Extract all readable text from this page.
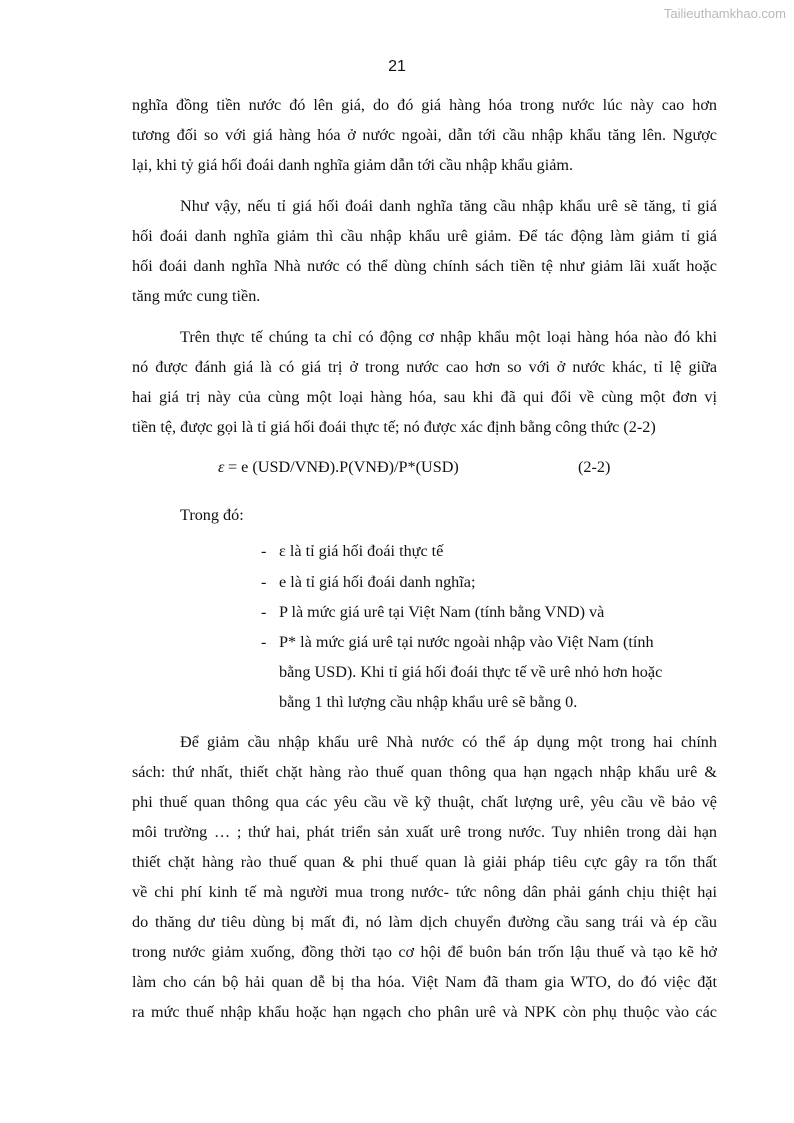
Tailieuthamkhao.com
21
nghĩa đồng tiền nước đó lên giá, do đó giá hàng hóa trong nước lúc này cao hơn
tương đối so với giá hàng hóa ở nước ngoài, dẫn tới cầu nhập khẩu tăng lên. Ngược
lại, khi tỷ giá hối đoái danh nghĩa giảm dẫn tới cầu nhập khẩu giảm.
Như vậy, nếu tỉ giá hối đoái danh nghĩa tăng cầu nhập khẩu urê sẽ tăng, tỉ giá
hối đoái danh nghĩa giảm thì cầu nhập khẩu urê giảm. Để tác động làm giảm tỉ giá
hối đoái danh nghĩa Nhà nước có thể dùng chính sách tiền tệ như giảm lãi xuất hoặc
tăng mức cung tiền.
Trên thực tế chúng ta chỉ có động cơ nhập khẩu một loại hàng hóa nào đó khi
nó được đánh giá là có giá trị ở trong nước cao hơn so với ở nước khác, tỉ lệ giữa
hai giá trị này của cùng một loại hàng hóa, sau khi đã qui đổi về cùng một đơn vị
tiền tệ, được gọi là tỉ giá hối đoái thực tế; nó được xác định bằng công thức (2-2)
ε = e (USD/VNĐ).P(VNĐ)/P*(USD)	(2-2)
Trong đó:
- ε là tỉ giá hối đoái thực tế
- e là tỉ giá hối đoái danh nghĩa;
- P là mức giá urê tại Việt Nam (tính bằng VND) và
- P* là mức giá urê tại nước ngoài nhập vào Việt Nam (tính
bằng USD). Khi tỉ giá hối đoái thực tế về urê nhỏ hơn hoặc
bằng 1 thì lượng cầu nhập khẩu urê sẽ bằng 0.
Để giảm cầu nhập khẩu urê Nhà nước có thể áp dụng một trong hai chính
sách: thứ nhất, thiết chặt hàng rào thuế quan thông qua hạn ngạch nhập khẩu urê &
phi thuế quan thông qua các yêu cầu về kỹ thuật, chất lượng urê, yêu cầu về bảo vệ
môi trường … ; thứ hai, phát triển sản xuất urê trong nước. Tuy nhiên trong dài hạn
thiết chặt hàng rào thuế quan & phi thuế quan là giải pháp tiêu cực gây ra tổn thất
về chi phí kinh tế mà người mua trong nước- tức nông dân phải gánh chịu thiệt hại
do thăng dư tiêu dùng bị mất đi, nó làm dịch chuyển đường cầu sang trái và ép cầu
trong nước giảm xuống, đồng thời tạo cơ hội để buôn bán trốn lậu thuế và tạo kẽ hở
làm cho cán bộ hải quan dễ bị tha hóa. Việt Nam đã tham gia WTO, do đó việc đặt
ra mức thuế nhập khẩu hoặc hạn ngạch cho phân urê và NPK còn phụ thuộc vào các
